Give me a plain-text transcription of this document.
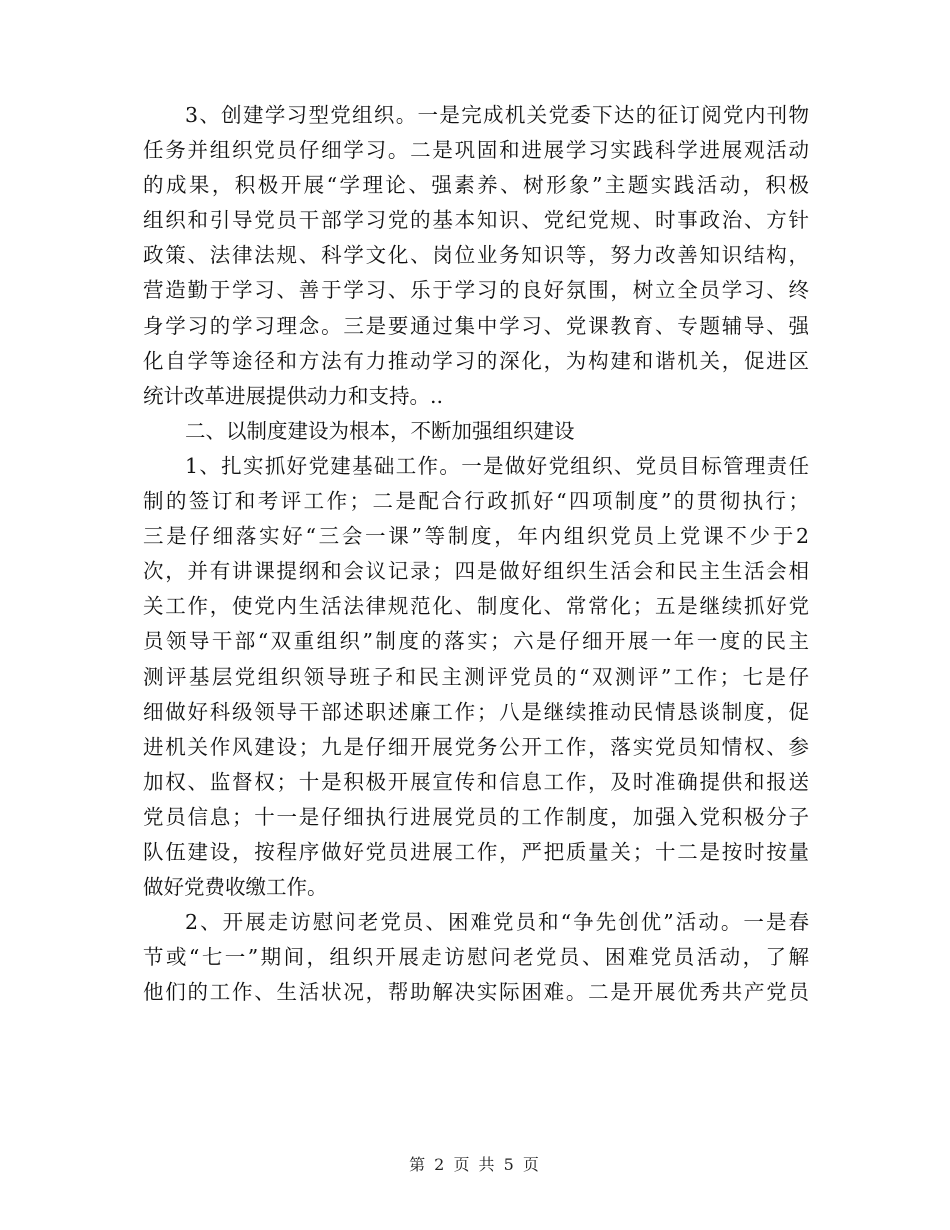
3、创建学习型党组织。一是完成机关党委下达的征订阅党内刊物
任务并组织党员仔细学习。二是巩固和进展学习实践科学进展观活动
的成果，积极开展“学理论、强素养、树形象”主题实践活动，积极
组织和引导党员干部学习党的基本知识、党纪党规、时事政治、方针
政策、法律法规、科学文化、岗位业务知识等，努力改善知识结构，
营造勤于学习、善于学习、乐于学习的良好氛围，树立全员学习、终
身学习的学习理念。三是要通过集中学习、党课教育、专题辅导、强
化自学等途径和方法有力推动学习的深化，为构建和谐机关，促进区
统计改革进展提供动力和支持。..
二、以制度建设为根本，不断加强组织建设
1、扎实抓好党建基础工作。一是做好党组织、党员目标管理责任
制的签订和考评工作；二是配合行政抓好“四项制度”的贯彻执行；
三是仔细落实好“三会一课”等制度，年内组织党员上党课不少于2
次，并有讲课提纲和会议记录；四是做好组织生活会和民主生活会相
关工作，使党内生活法律规范化、制度化、常常化；五是继续抓好党
员领导干部“双重组织”制度的落实；六是仔细开展一年一度的民主
测评基层党组织领导班子和民主测评党员的“双测评”工作；七是仔
细做好科级领导干部述职述廉工作；八是继续推动民情恳谈制度，促
进机关作风建设；九是仔细开展党务公开工作，落实党员知情权、参
加权、监督权；十是积极开展宣传和信息工作，及时准确提供和报送
党员信息；十一是仔细执行进展党员的工作制度，加强入党积极分子
队伍建设，按程序做好党员进展工作，严把质量关；十二是按时按量
做好党费收缴工作。
2、开展走访慰问老党员、困难党员和“争先创优”活动。一是春
节或“七一”期间，组织开展走访慰问老党员、困难党员活动，了解
他们的工作、生活状况，帮助解决实际困难。二是开展优秀共产党员
第 2 页 共 5 页
